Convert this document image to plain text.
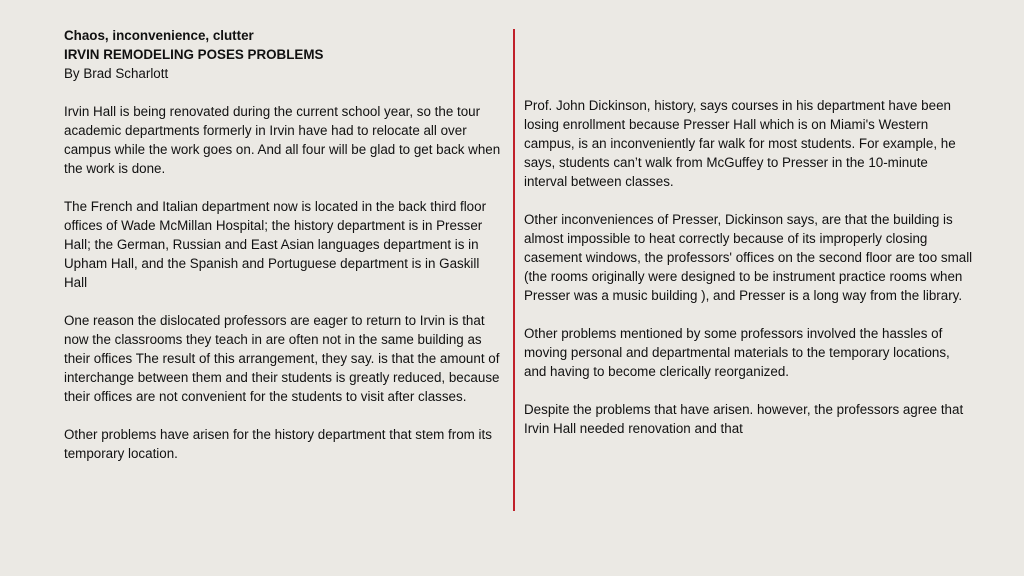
Chaos, inconvenience, clutter
IRVIN REMODELING POSES PROBLEMS
By Brad Scharlott

Irvin Hall is being renovated during the current school year, so the tour academic departments formerly in Irvin have had to relocate all over campus while the work goes on. And all four will be glad to get back when the work is done.

The French and Italian department now is located in the back third floor offices of Wade McMillan Hospital; the history department is in Presser Hall; the German, Russian and East Asian languages department is in Upham Hall, and the Spanish and Portuguese department is in Gaskill Hall

One reason the dislocated professors are eager to return to Irvin is that now the classrooms they teach in are often not in the same building as their offices The result of this arrangement, they say. is that the amount of interchange between them and their students is greatly reduced, because their offices are not convenient for the students to visit after classes.

Other problems have arisen for the history department that stem from its temporary location.

Prof. John Dickinson, history, says courses in his department have been losing enrollment because Presser Hall which is on Miami's Western campus, is an inconveniently far walk for most students. For example, he says, students can’t walk from McGuffey to Presser in the 10-minute interval between classes.

Other inconveniences of Presser, Dickinson says, are that the building is almost impossible to heat correctly because of its improperly closing casement windows, the professors' offices on the second floor are too small (the rooms originally were designed to be instrument practice rooms when Presser was a music building ), and Presser is a long way from the library.

Other problems mentioned by some professors involved the hassles of moving personal and departmental materials to the temporary locations, and having to become clerically reorganized.

Despite the problems that have arisen. however, the professors agree that Irvin Hall needed renovation and that
